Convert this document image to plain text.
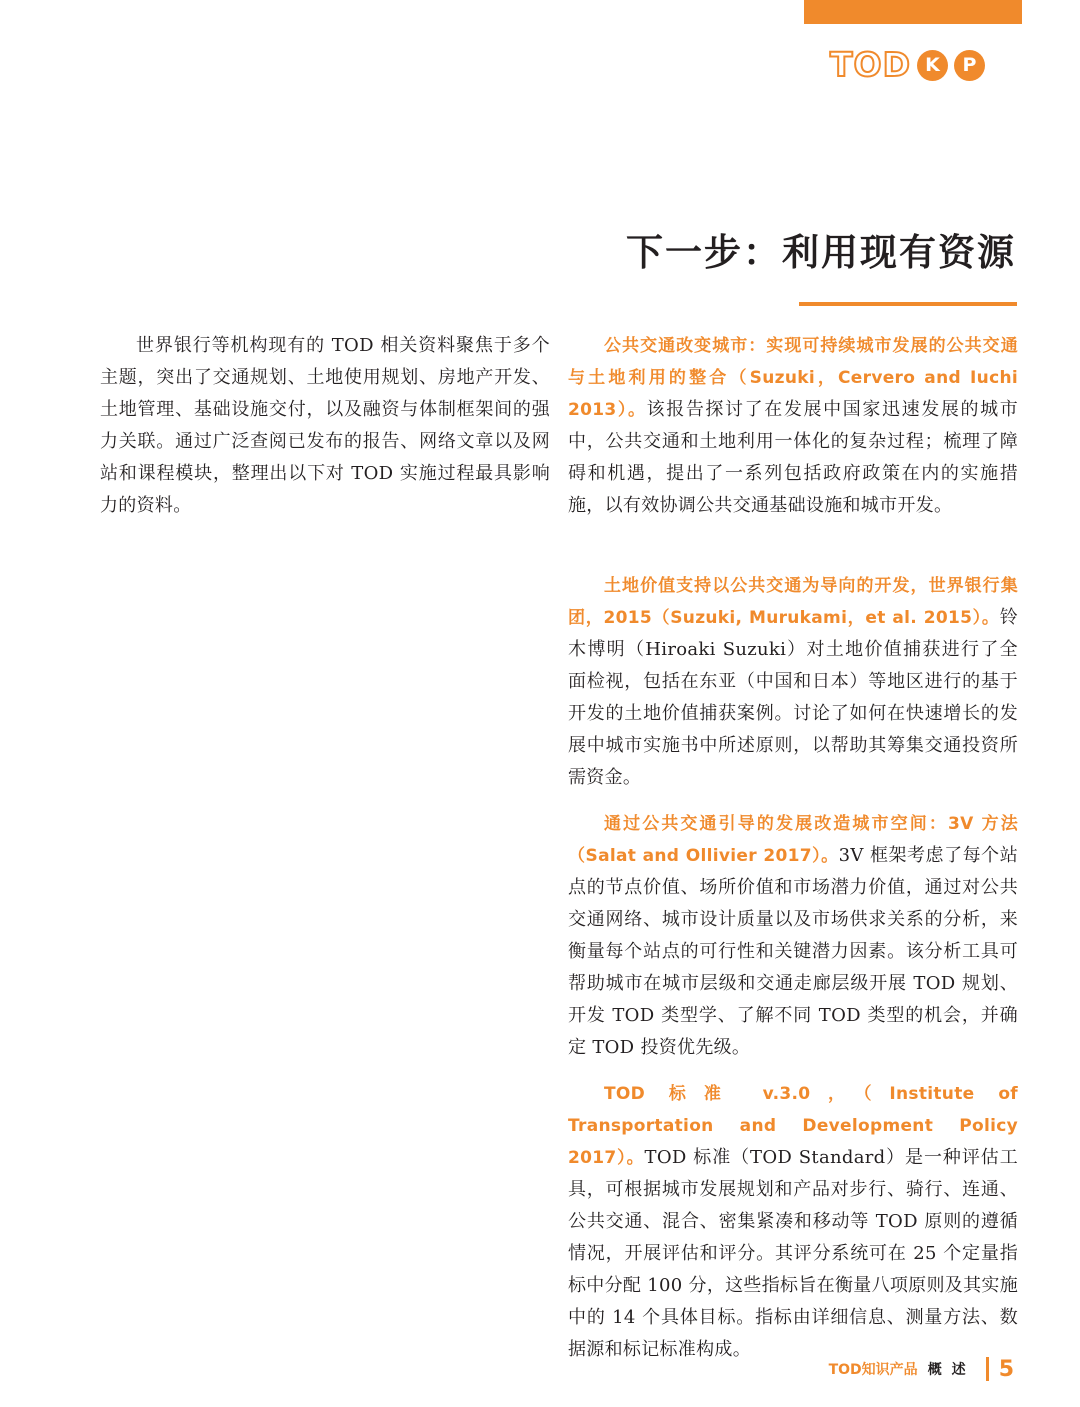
TOD K	P
下一步：利用现有资源

世界银行等机构现有的 TOD 相关资料聚焦于多个主题，突出了交通规划、土地使用规划、房地产开发、土地管理、基础设施交付，以及融资与体制框架间的强力关联。通过广泛查阅已发布的报告、网络文章以及网站和课程模块，整理出以下对 TOD 实施过程最具影响力的资料。

公共交通改变城市：实现可持续城市发展的公共交通与土地利用的整合（Suzuki，Cervero and Iuchi 2013）。该报告探讨了在发展中国家迅速发展的城市中，公共交通和土地利用一体化的复杂过程；梳理了障碍和机遇，提出了一系列包括政府政策在内的实施措施，以有效协调公共交通基础设施和城市开发。

土地价值支持以公共交通为导向的开发，世界银行集团，2015（Suzuki, Murukami，et al. 2015）。铃木博明（Hiroaki Suzuki）对土地价值捕获进行了全面检视，包括在东亚（中国和日本）等地区进行的基于开发的土地价值捕获案例。讨论了如何在快速增长的发展中城市实施书中所述原则，以帮助其筹集交通投资所需资金。

通过公共交通引导的发展改造城市空间：3V 方法（Salat and Ollivier 2017）。3V 框架考虑了每个站点的节点价值、场所价值和市场潜力价值，通过对公共交通网络、城市设计质量以及市场供求关系的分析，来衡量每个站点的可行性和关键潜力因素。该分析工具可帮助城市在城市层级和交通走廊层级开展 TOD 规划、开发 TOD 类型学、了解不同 TOD 类型的机会，并确定 TOD 投资优先级。

TOD 标准 v.3.0，（Institute of Transportation and Development Policy 2017）。TOD 标准（TOD Standard）是一种评估工具，可根据城市发展规划和产品对步行、骑行、连通、公共交通、混合、密集紧凑和移动等 TOD 原则的遵循情况，开展评估和评分。其评分系统可在 25 个定量指标中分配 100 分，这些指标旨在衡量八项原则及其实施中的 14 个具体目标。指标由详细信息、测量方法、数据源和标记标准构成。

TOD知识产品 概述 5
